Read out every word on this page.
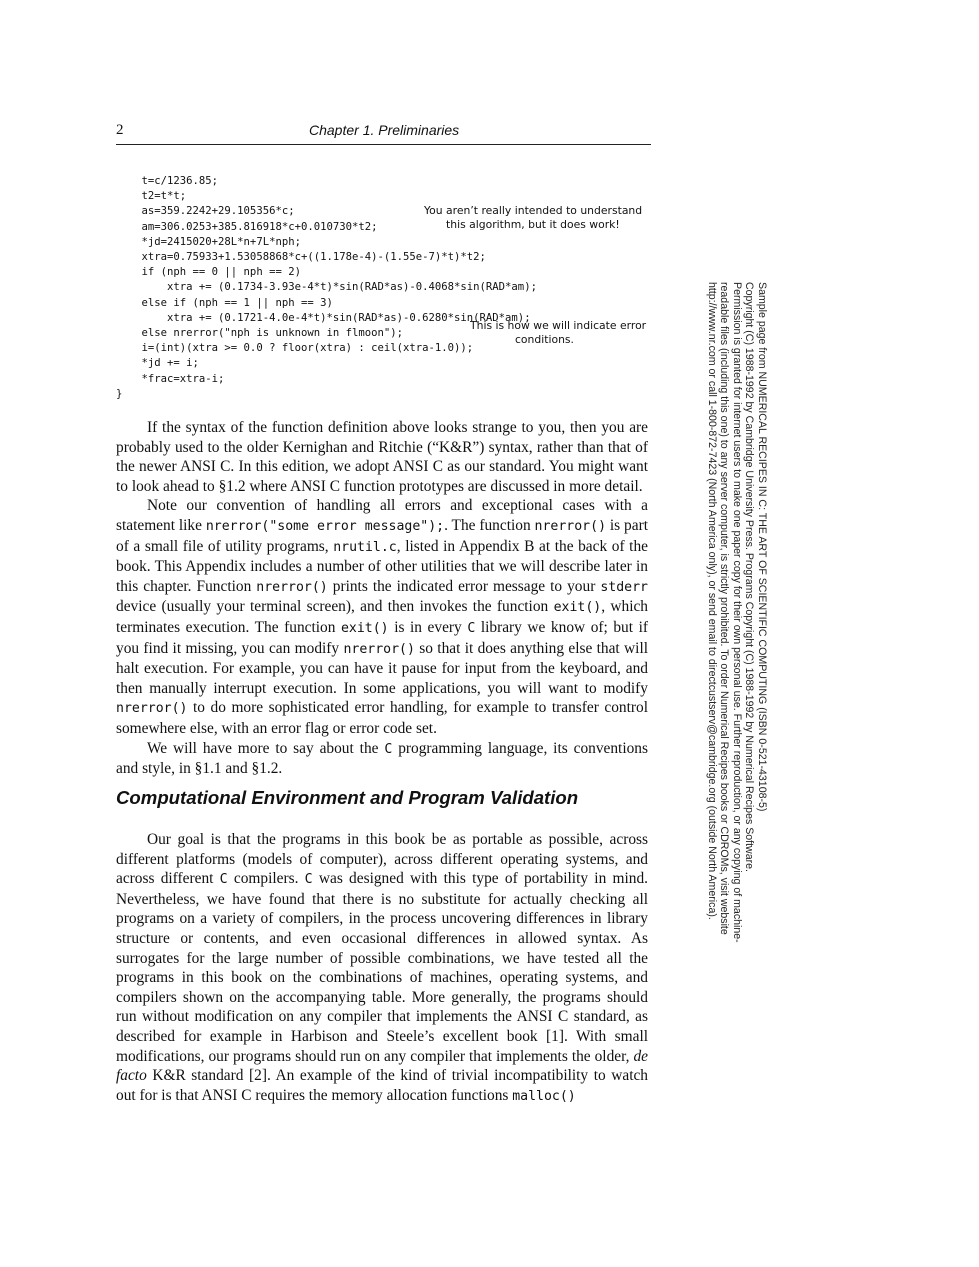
2	Chapter 1. Preliminaries
t=c/1236.85;
t2=t*t;
as=359.2242+29.105356*c;
am=306.0253+385.816918*c+0.010730*t2;
*jd=2415020+28L*n+7L*nph;
xtra=0.75933+1.53058868*c+((1.178e-4)-(1.55e-7)*t)*t2;
if (nph == 0 || nph == 2)
xtra += (0.1734-3.93e-4*t)*sin(RAD*as)-0.4068*sin(RAD*am);
else if (nph == 1 || nph == 3)
xtra += (0.1721-4.0e-4*t)*sin(RAD*as)-0.6280*sin(RAD*am);
else nrerror("nph is unknown in flmoon");
i=(int)(xtra >= 0.0 ? floor(xtra) : ceil(xtra-1.0));
*jd += i;
*frac=xtra-i;
}
You aren’t really intended to understand
this algorithm, but it does work!
This is how we will indicate error
conditions.

If the syntax of the function definition above looks strange to you, then you are probably used to the older Kernighan and Ritchie (“K&R”) syntax, rather than that of the newer ANSI C. In this edition, we adopt ANSI C as our standard. You might want to look ahead to §1.2 where ANSI C function prototypes are discussed in more detail.

Note our convention of handling all errors and exceptional cases with a statement like nrerror("some error message");. The function nrerror() is part of a small file of utility programs, nrutil.c, listed in Appendix B at the back of the book. This Appendix includes a number of other utilities that we will describe later in this chapter. Function nrerror() prints the indicated error message to your stderr device (usually your terminal screen), and then invokes the function exit(), which terminates execution. The function exit() is in every C library we know of; but if you find it missing, you can modify nrerror() so that it does anything else that will halt execution. For example, you can have it pause for input from the keyboard, and then manually interrupt execution. In some applications, you will want to modify nrerror() to do more sophisticated error handling, for example to transfer control somewhere else, with an error flag or error code set.

We will have more to say about the C programming language, its conventions and style, in §1.1 and §1.2.

Computational Environment and Program Validation

Our goal is that the programs in this book be as portable as possible, across different platforms (models of computer), across different operating systems, and across different C compilers. C was designed with this type of portability in mind. Nevertheless, we have found that there is no substitute for actually checking all programs on a variety of compilers, in the process uncovering differences in library structure or contents, and even occasional differences in allowed syntax. As surrogates for the large number of possible combinations, we have tested all the programs in this book on the combinations of machines, operating systems, and compilers shown on the accompanying table. More generally, the programs should run without modification on any compiler that implements the ANSI C standard, as described for example in Harbison and Steele’s excellent book [1]. With small modifications, our programs should run on any compiler that implements the older, de facto K&R standard [2]. An example of the kind of trivial incompatibility to watch out for is that ANSI C requires the memory allocation functions malloc()

Sample page from NUMERICAL RECIPES IN C: THE ART OF SCIENTIFIC COMPUTING (ISBN 0-521-43108-5)
Copyright (C) 1988-1992 by Cambridge University Press. Programs Copyright (C) 1988-1992 by Numerical Recipes Software.
Permission is granted for internet users to make one paper copy for their own personal use. Further reproduction, or any copying of machine-
readable files (including this one) to any server computer, is strictly prohibited. To order Numerical Recipes books or CDROMs, visit website
http://www.nr.com or call 1-800-872-7423 (North America only), or send email to directcustserv@cambridge.org (outside North America).
